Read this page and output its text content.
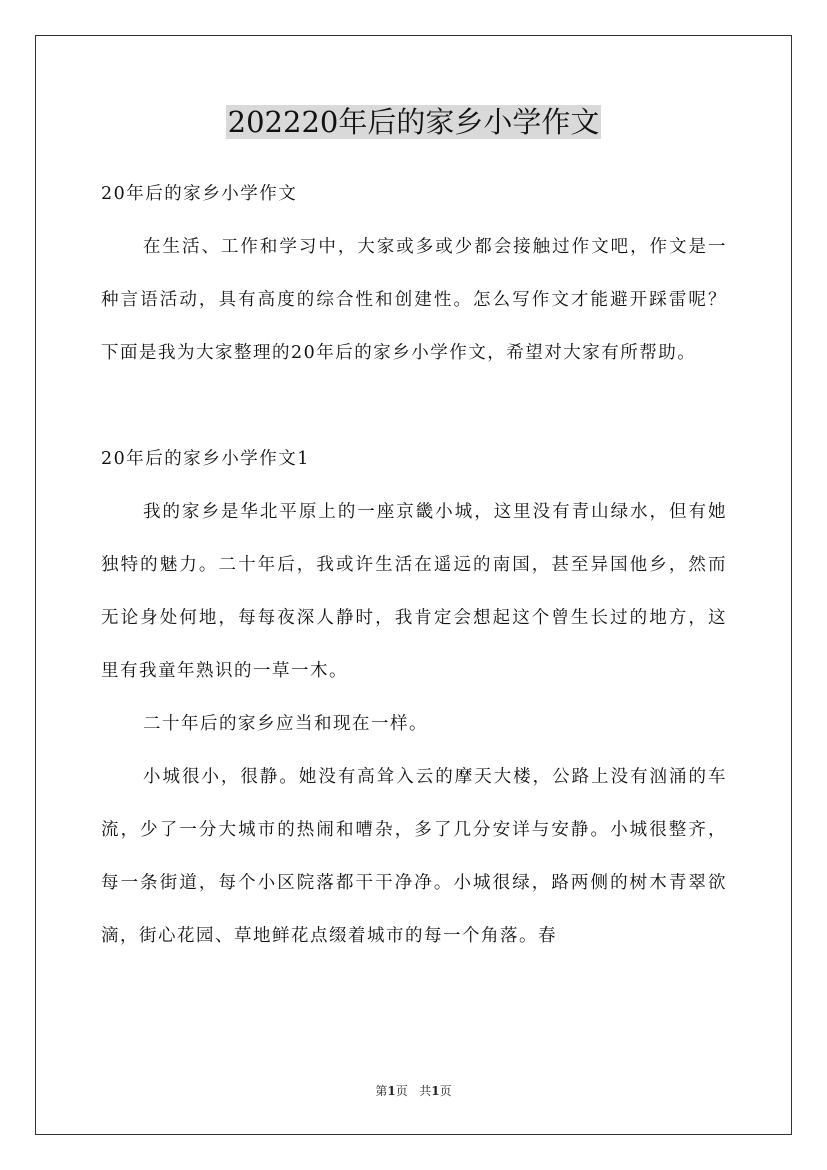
202220年后的家乡小学作文

20年后的家乡小学作文

在生活、工作和学习中，大家或多或少都会接触过作文吧，作文是一种言语活动，具有高度的综合性和创建性。怎么写作文才能避开踩雷呢？下面是我为大家整理的20年后的家乡小学作文，希望对大家有所帮助。

20年后的家乡小学作文1

我的家乡是华北平原上的一座京畿小城，这里没有青山绿水，但有她独特的魅力。二十年后，我或许生活在遥远的南国，甚至异国他乡，然而无论身处何地，每每夜深人静时，我肯定会想起这个曾生长过的地方，这里有我童年熟识的一草一木。

二十年后的家乡应当和现在一样。

小城很小，很静。她没有高耸入云的摩天大楼，公路上没有汹涌的车流，少了一分大城市的热闹和嘈杂，多了几分安详与安静。小城很整齐，每一条街道，每个小区院落都干干净净。小城很绿，路两侧的树木青翠欲滴，街心花园、草地鲜花点缀着城市的每一个角落。春

第1页 共1页
